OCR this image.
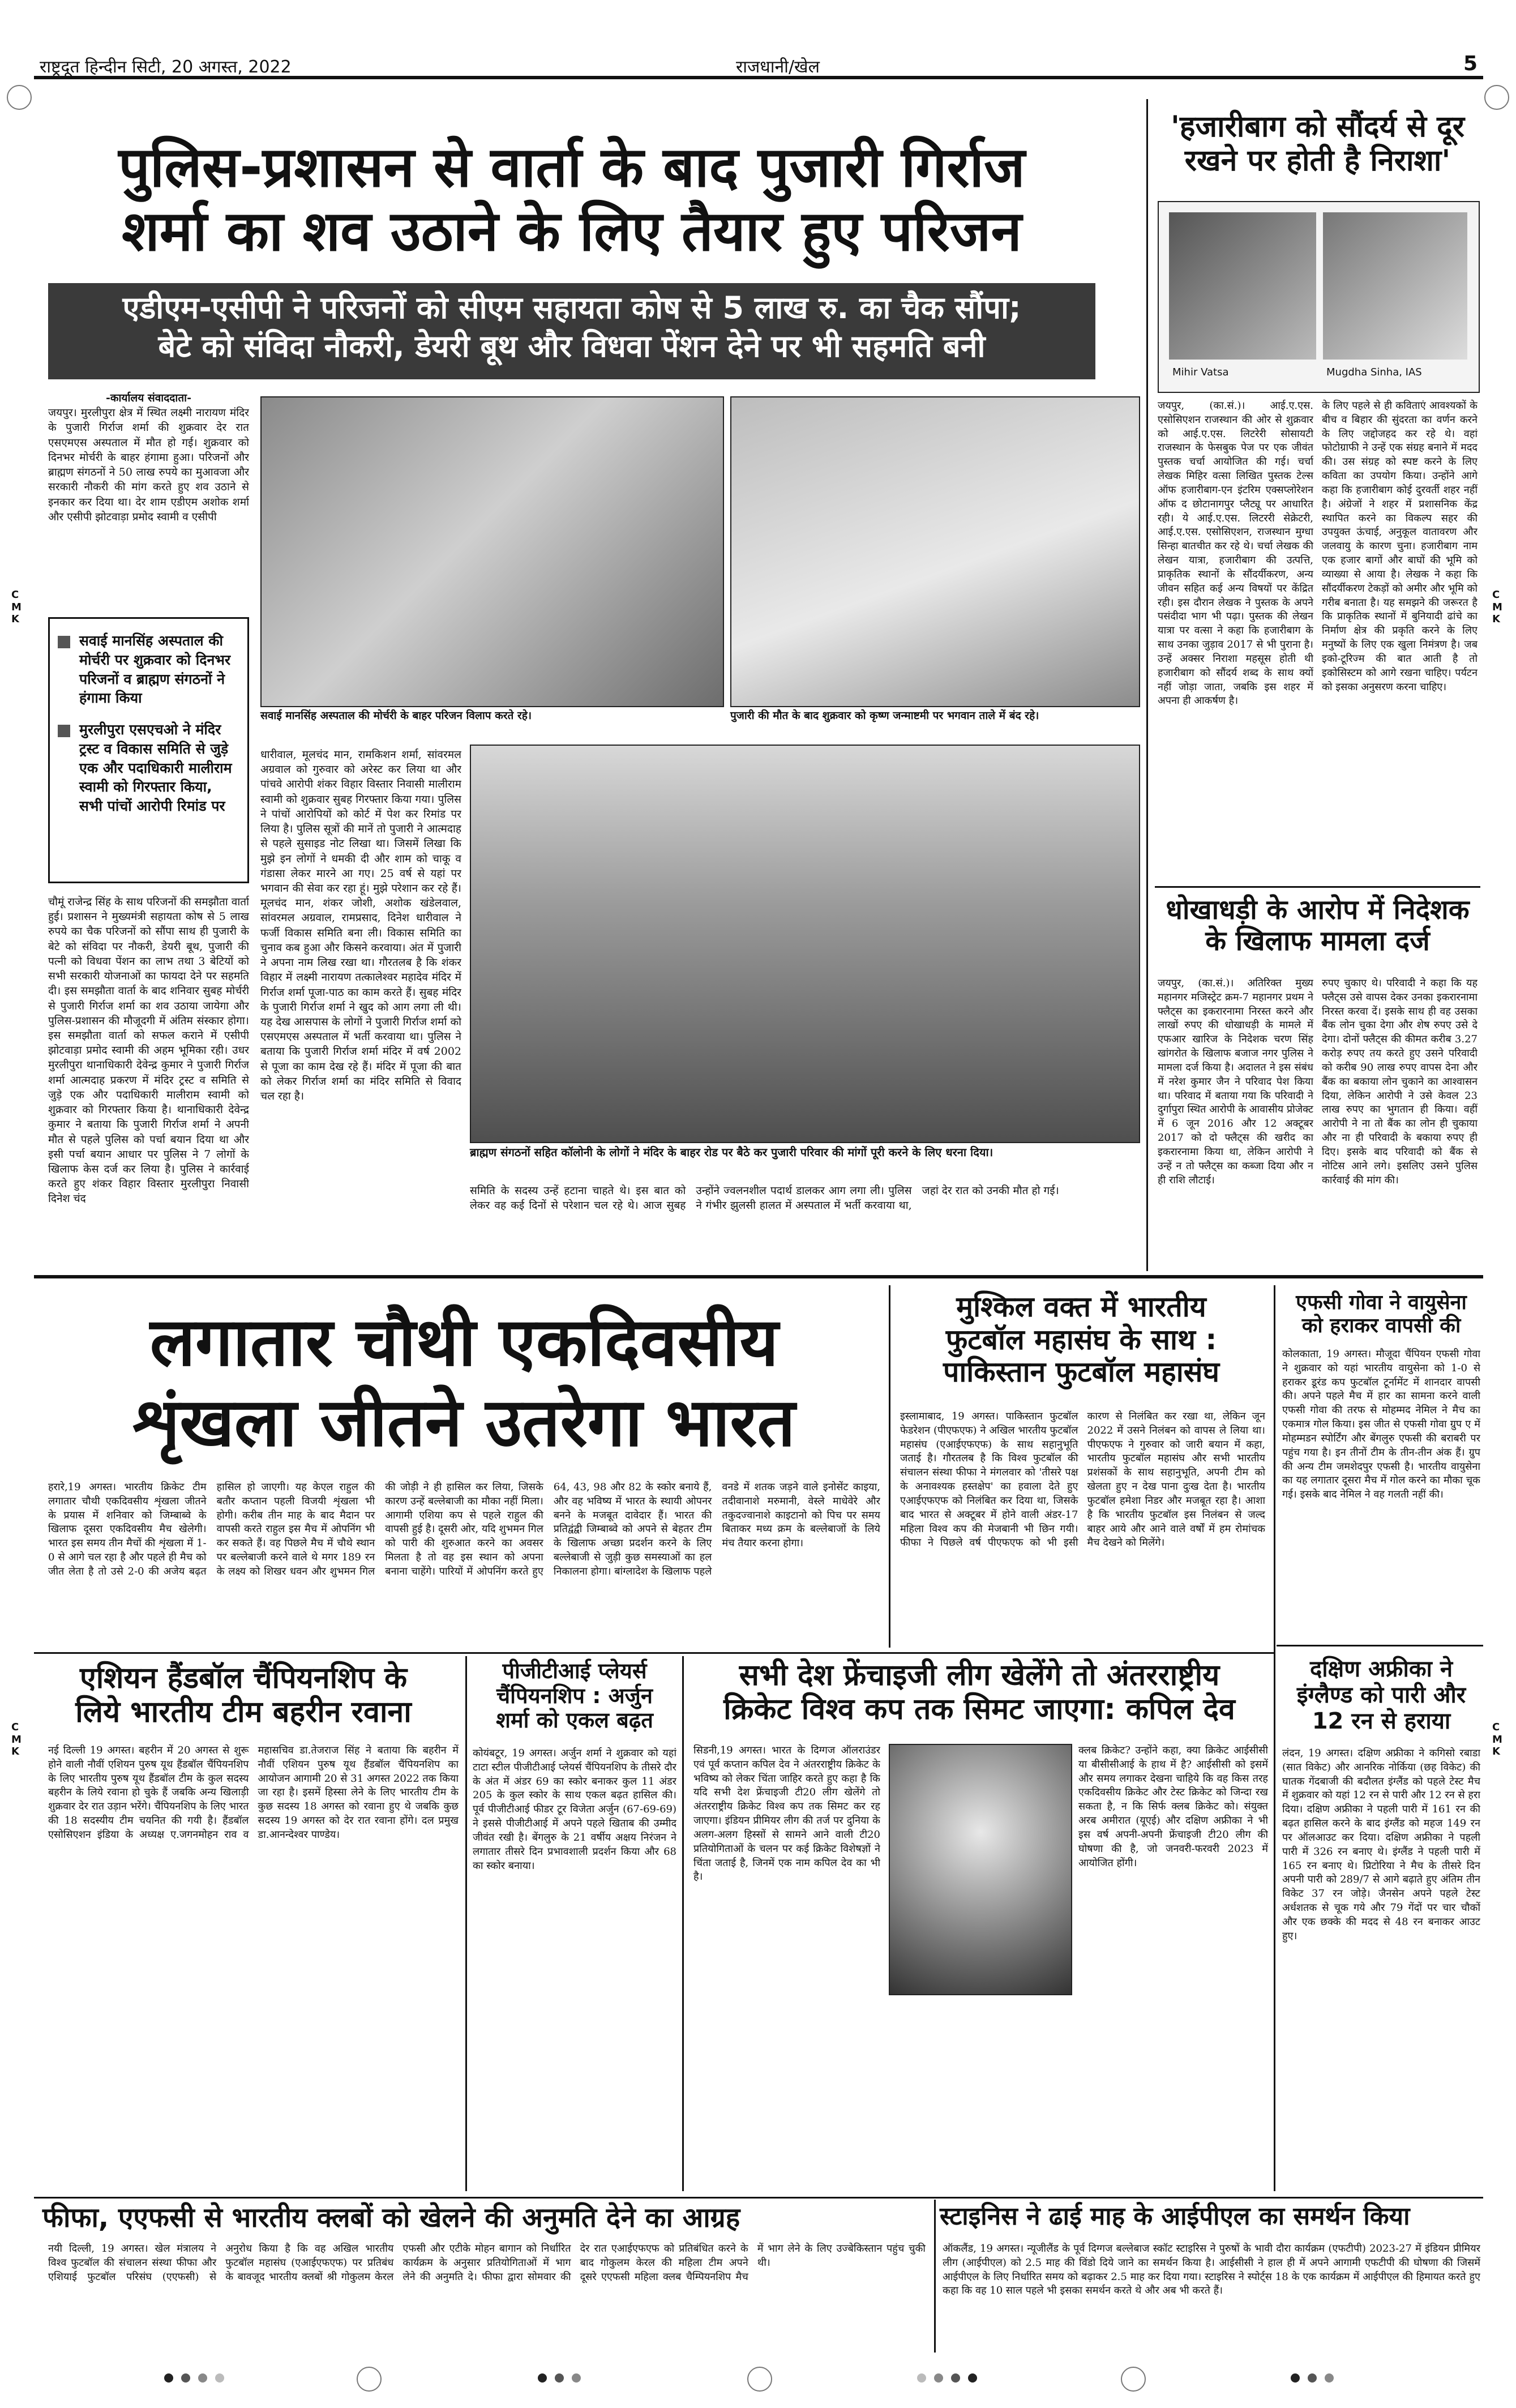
राष्ट्रदूत हिन्दीन सिटी, 20 अगस्त, 2022	राजधानी/खेल	5
C
M
K
C
M
K
C
M
K
C
M
K
पुलिस-प्रशासन से वार्ता के बाद पुजारी गिर्राज
शर्मा का शव उठाने के लिए तैयार हुए परिजन
एडीएम-एसीपी ने परिजनों को सीएम सहायता कोष से 5 लाख रु. का चैक सौंपा;
बेटे को संविदा नौकरी, डेयरी बूथ और विधवा पेंशन देने पर भी सहमति बनी
-कार्यालय संवाददाता-
जयपुर। मुरलीपुरा क्षेत्र में स्थित लक्ष्मी नारायण मंदिर के पुजारी गिर्राज शर्मा की शुक्रवार देर रात एसएमएस अस्पताल में मौत हो गई। शुक्रवार को दिनभर मोर्चरी के बाहर हंगामा हुआ। परिजनों और ब्राह्मण संगठनों ने 50 लाख रुपये का मुआवजा और सरकारी नौकरी की मांग करते हुए शव उठाने से इनकार कर दिया था। देर शाम एडीएम अशोक शर्मा और एसीपी झोटवाड़ा प्रमोद स्वामी व एसीपी
सवाई मानसिंह अस्पताल की मोर्चरी पर शुक्रवार को दिनभर परिजनों व ब्राह्मण संगठनों ने हंगामा किया
मुरलीपुरा एसएचओ ने मंदिर ट्रस्ट व विकास समिति से जुड़े एक और पदाधिकारी मालीराम स्वामी को गिरफ्तार किया, सभी पांचों आरोपी रिमांड पर
चौमूं राजेन्द्र सिंह के साथ परिजनों की समझौता वार्ता हुई। प्रशासन ने मुख्यमंत्री सहायता कोष से 5 लाख रुपये का चैक परिजनों को सौंपा साथ ही पुजारी के बेटे को संविदा पर नौकरी, डेयरी बूथ, पुजारी की पत्नी को विधवा पेंशन का लाभ तथा 3 बेटियों को सभी सरकारी योजनाओं का फायदा देने पर सहमति दी। इस समझौता वार्ता के बाद शनिवार सुबह मोर्चरी से पुजारी गिर्राज शर्मा का शव उठाया जायेगा और पुलिस-प्रशासन की मौजूदगी में अंतिम संस्कार होगा। इस समझौता वार्ता को सफल कराने में एसीपी झोटवाड़ा प्रमोद स्वामी की अहम भूमिका रही। उधर मुरलीपुरा थानाधिकारी देवेन्द्र कुमार ने पुजारी गिर्राज शर्मा आत्मदाह प्रकरण में मंदिर ट्रस्ट व समिति से जुड़े एक और पदाधिकारी मालीराम स्वामी को शुक्रवार को गिरफ्तार किया है। थानाधिकारी देवेन्द्र कुमार ने बताया कि पुजारी गिर्राज शर्मा ने अपनी मौत से पहले पुलिस को पर्चा बयान दिया था और इसी पर्चा बयान आधार पर पुलिस ने 7 लोगों के खिलाफ केस दर्ज कर लिया है। पुलिस ने कार्रवाई करते हुए शंकर विहार विस्तार मुरलीपुरा निवासी दिनेश चंद
सवाई मानसिंह अस्पताल की मोर्चरी के बाहर परिजन विलाप करते रहे।	पुजारी की मौत के बाद शुक्रवार को कृष्ण जन्माष्टमी पर भगवान ताले में बंद रहे।
धारीवाल, मूलचंद मान, रामकिशन शर्मा, सांवरमल अग्रवाल को गुरुवार को अरेस्ट कर लिया था और पांचवे आरोपी शंकर विहार विस्तार निवासी मालीराम स्वामी को शुक्रवार सुबह गिरफ्तार किया गया। पुलिस ने पांचों आरोपियों को कोर्ट में पेश कर रिमांड पर लिया है। पुलिस सूत्रों की मानें तो पुजारी ने आत्मदाह से पहले सुसाइड नोट लिखा था। जिसमें लिखा कि मुझे इन लोगों ने धमकी दी और शाम को चाकू व गंडासा लेकर मारने आ गए। 25 वर्ष से यहां पर भगवान की सेवा कर रहा हूं। मुझे परेशान कर रहे हैं। मूलचंद मान, शंकर जोशी, अशोक खंडेलवाल, सांवरमल अग्रवाल, रामप्रसाद, दिनेश धारीवाल ने फर्जी विकास समिति बना ली। विकास समिति का चुनाव कब हुआ और किसने करवाया। अंत में पुजारी ने अपना नाम लिख रखा था। गौरतलब है कि शंकर विहार में लक्ष्मी नारायण तत्कालेश्वर महादेव मंदिर में गिर्राज शर्मा पूजा-पाठ का काम करते हैं। सुबह मंदिर के पुजारी गिर्राज शर्मा ने खुद को आग लगा ली थी। यह देख आसपास के लोगों ने पुजारी गिर्राज शर्मा को एसएमएस अस्पताल में भर्ती करवाया था। पुलिस ने बताया कि पुजारी गिर्राज शर्मा मंदिर में वर्ष 2002 से पूजा का काम देख रहे हैं। मंदिर में पूजा की बात को लेकर गिर्राज शर्मा का मंदिर समिति से विवाद चल रहा है।
ब्राह्मण संगठनों सहित कॉलोनी के लोगों ने मंदिर के बाहर रोड पर बैठे कर पुजारी परिवार की मांगों पूरी करने के लिए धरना दिया।
समिति के सदस्य उन्हें हटाना चाहते थे। इस बात को लेकर वह कई दिनों से परेशान चल रहे थे। आज सुबह उन्होंने ज्वलनशील पदार्थ डालकर आग लगा ली। पुलिस ने गंभीर झुलसी हालत में अस्पताल में भर्ती करवाया था, जहां देर रात को उनकी मौत हो गई।
'हजारीबाग को सौंदर्य से दूर
रखने पर होती है निराशा'
Mihir Vatsa	Mugdha Sinha, IAS
जयपुर, (का.सं.)। आई.ए.एस. एसोसिएशन राजस्थान की ओर से शुक्रवार को आई.ए.एस. लिटरेरी सोसायटी राजस्थान के फेसबुक पेज पर एक जीवंत पुस्तक चर्चा आयोजित की गई। चर्चा लेखक मिहिर वत्सा लिखित पुस्तक टेल्स ऑफ हजारीबाग-एन इंटरिम एक्सप्लोरेशन ऑफ द छोटानागपुर प्लैट्यू पर आधारित रही। ये आई.ए.एस. लिटररी सेक्रेटरी, आई.ए.एस. एसोसिएशन, राजस्थान मुग्धा सिन्हा बातचीत कर रहे थे। चर्चा लेखक की लेखन यात्रा, हजारीबाग की उत्पत्ति, प्राकृतिक स्थानों के सौंदर्यीकरण, अन्य जीवन सहित कई अन्य विषयों पर केंद्रित रही। इस दौरान लेखक ने पुस्तक के अपने पसंदीदा भाग भी पढ़ा। पुस्तक की लेखन यात्रा पर वत्सा ने कहा कि हजारीबाग के साथ उनका जुड़ाव 2017 से भी पुराना है। उन्हें अक्सर निराशा महसूस होती थी हजारीबाग को सौंदर्य शब्द के साथ क्यों नहीं जोड़ा जाता, जबकि इस शहर में अपना ही आकर्षण है।
के लिए पहले से ही कविताएं आवश्यकों के बीच व बिहार की सुंदरता का वर्णन करने के लिए जद्दोजहद कर रहे थे। वहां फोटोग्राफी ने उन्हें एक संग्रह बनाने में मदद की। उस संग्रह को स्पष्ट करने के लिए कविता का उपयोग किया। उन्होंने आगे कहा कि हजारीबाग कोई दुरवर्ती शहर नहीं है। अंग्रेजों ने शहर में प्रशासनिक केंद्र स्थापित करने का विकल्प सहर की उपयुक्त ऊंचाई, अनुकूल वातावरण और जलवायु के कारण चुना। हजारीबाग नाम एक हजार बागों और बाघों की भूमि को व्याख्या से आया है। लेखक ने कहा कि सौंदर्यीकरण टेकड़ों को अमीर और भूमि को गरीब बनाता है। यह समझने की जरूरत है कि प्राकृतिक स्थानों में बुनियादी ढांचे का निर्माण क्षेत्र की प्रकृति करने के लिए मनुष्यों के लिए एक खुला निमंत्रण है। जब इको-टूरिज्म की बात आती है तो इकोसिस्टम को आगे रखना चाहिए। पर्यटन को इसका अनुसरण करना चाहिए।
धोखाधड़ी के आरोप में निदेशक
के खिलाफ मामला दर्ज
जयपुर, (का.सं.)। अतिरिक्त मुख्य महानगर मजिस्ट्रेट क्रम-7 महानगर प्रथम ने फ्लैट्स का इकरारनामा निरस्त करने और लाखों रुपए की धोखाधड़ी के मामले में एफआर खारिज के निदेशक चरण सिंह खांगरोत के खिलाफ बजाज नगर पुलिस ने मामला दर्ज किया है। अदालत ने इस संबंध में नरेश कुमार जैन ने परिवाद पेश किया था। परिवाद में बताया गया कि परिवादी ने दुर्गापुरा स्थित आरोपी के आवासीय प्रोजेक्ट में 6 जून 2016 और 12 अक्टूबर 2017 को दो फ्लैट्स की खरीद का इकरारनामा किया था, लेकिन आरोपी ने उन्हें न तो फ्लैट्स का कब्जा दिया और न ही राशि लौटाई।
रुपए चुकाए थे। परिवादी ने कहा कि यह फ्लैट्स उसे वापस देकर उनका इकरारनामा निरस्त करवा दें। इसके साथ ही वह उसका बैंक लोन चुका देगा और शेष रुपए उसे दे देगा। दोनों फ्लैट्स की कीमत करीब 3.27 करोड़ रुपए तय करते हुए उसने परिवादी को करीब 90 लाख रुपए वापस देना और बैंक का बकाया लोन चुकाने का आश्वासन दिया, लेकिन आरोपी ने उसे केवल 23 लाख रुपए का भुगतान ही किया। वहीं आरोपी ने ना तो बैंक का लोन ही चुकाया और ना ही परिवादी के बकाया रुपए ही दिए। इसके बाद परिवादी को बैंक से नोटिस आने लगे। इसलिए उसने पुलिस कार्रवाई की मांग की।
लगातार चौथी एकदिवसीय
शृंखला जीतने उतरेगा भारत
हरारे,19 अगस्त। भारतीय क्रिकेट टीम लगातार चौथी एकदिवसीय शृंखला जीतने के प्रयास में शनिवार को जिम्बाब्वे के खिलाफ दूसरा एकदिवसीय मैच खेलेगी। भारत इस समय तीन मैचों की शृंखला में 1-0 से आगे चल रहा है और पहले ही मैच को जीत लेता है तो उसे 2-0 की अजेय बढ़त हासिल हो जाएगी। यह केएल राहुल की बतौर कप्तान पहली विजयी शृंखला भी होगी। करीब तीन माह के बाद मैदान पर वापसी करते राहुल इस मैच में ओपनिंग भी कर सकते हैं। वह पिछले मैच में चौथे स्थान पर बल्लेबाजी करने वाले थे मगर 189 रन के लक्ष्य को शिखर धवन और शुभमन गिल की जोड़ी ने ही हासिल कर लिया, जिसके कारण उन्हें बल्लेबाजी का मौका नहीं मिला। आगामी एशिया कप से पहले राहुल की वापसी हुई है। दूसरी ओर, यदि शुभमन गिल को पारी की शुरुआत करने का अवसर मिलता है तो वह इस स्थान को अपना बनाना चाहेंगे। पारियों में ओपनिंग करते हुए 64, 43, 98 और 82 के स्कोर बनाये हैं, और वह भविष्य में भारत के स्थायी ओपनर बनने के मजबूत दावेदार हैं। भारत की प्रतिद्वंद्वी जिम्बाब्वे को अपने से बेहतर टीम के खिलाफ अच्छा प्रदर्शन करने के लिए बल्लेबाजी से जुड़ी कुछ समस्याओं का हल निकालना होगा। बांग्लादेश के खिलाफ पहले वनडे में शतक जड़ने वाले इनोसेंट काइया, तदीवानाशे मरुमानी, वेस्ले माधेवेरे और तकुदज्वानाशे काइटानो को पिच पर समय बिताकर मध्य क्रम के बल्लेबाजों के लिये मंच तैयार करना होगा।
मुश्किल वक्त में भारतीय
फुटबॉल महासंघ के साथ :
पाकिस्तान फुटबॉल महासंघ
इस्लामाबाद, 19 अगस्त। पाकिस्तान फुटबॉल फेडरेशन (पीएफएफ) ने अखिल भारतीय फुटबॉल महासंघ (एआईएफएफ) के साथ सहानुभूति जताई है। गौरतलब है कि विश्व फुटबॉल की संचालन संस्था फीफा ने मंगलवार को 'तीसरे पक्ष के अनावश्यक हस्तक्षेप' का हवाला देते हुए एआईएफएफ को निलंबित कर दिया था, जिसके बाद भारत से अक्टूबर में होने वाली अंडर-17 महिला विश्व कप की मेजबानी भी छिन गयी। फीफा ने पिछले वर्ष पीएफएफ को भी इसी कारण से निलंबित कर रखा था, लेकिन जून 2022 में उसने निलंबन को वापस ले लिया था। पीएफएफ ने गुरुवार को जारी बयान में कहा, भारतीय फुटबॉल महासंघ और सभी भारतीय प्रशंसकों के साथ सहानुभूति, अपनी टीम को खेलता हुए न देख पाना दुःख देता है। भारतीय फुटबॉल हमेशा निडर और मजबूत रहा है। आशा है कि भारतीय फुटबॉल इस निलंबन से जल्द बाहर आये और आने वाले वर्षों में हम रोमांचक मैच देखने को मिलेंगे।
एफसी गोवा ने वायुसेना
को हराकर वापसी की
कोलकाता, 19 अगस्त। मौजूदा चैंपियन एफसी गोवा ने शुक्रवार को यहां भारतीय वायुसेना को 1-0 से हराकर डूरंड कप फुटबॉल टूर्नामेंट में शानदार वापसी की। अपने पहले मैच में हार का सामना करने वाली एफसी गोवा की तरफ से मोहम्मद नेमिल ने मैच का एकमात्र गोल किया। इस जीत से एफसी गोवा ग्रुप ए में मोहम्मडन स्पोर्टिंग और बेंगलुरु एफसी की बराबरी पर पहुंच गया है। इन तीनों टीम के तीन-तीन अंक हैं। ग्रुप की अन्य टीम जमशेदपुर एफसी है। भारतीय वायुसेना का यह लगातार दूसरा मैच में गोल करने का मौका चूक गई। इसके बाद नेमिल ने वह गलती नहीं की।
दक्षिण अफ्रीका ने
इंग्लैण्ड को पारी और
12 रन से हराया
लंदन, 19 अगस्त। दक्षिण अफ्रीका ने कगिसो रबाडा (सात विकेट) और आनरिक नोर्किया (छह विकेट) की घातक गेंदबाजी की बदौलत इंग्लैंड को पहले टेस्ट मैच में शुक्रवार को यहां 12 रन से पारी और 12 रन से हरा दिया। दक्षिण अफ्रीका ने पहली पारी में 161 रन की बढ़त हासिल करने के बाद इंग्लैंड को महज 149 रन पर ऑलआउट कर दिया। दक्षिण अफ्रीका ने पहली पारी में 326 रन बनाए थे। इंग्लैंड ने पहली पारी में 165 रन बनाए थे। प्रिटोरिया ने मैच के तीसरे दिन अपनी पारी को 289/7 से आगे बढ़ाते हुए अंतिम तीन विकेट 37 रन जोड़े। जैनसेन अपने पहले टेस्ट अर्धशतक से चूक गये और 79 गेंदों पर चार चौकों और एक छक्के की मदद से 48 रन बनाकर आउट हुए।
एशियन हैंडबॉल चैंपियनशिप के
लिये भारतीय टीम बहरीन रवाना
नई दिल्ली 19 अगस्त। बहरीन में 20 अगस्त से शुरू होने वाली नौवीं एशियन पुरुष यूथ हैंडबॉल चैंपियनशिप के लिए भारतीय पुरुष यूथ हैंडबॉल टीम के कुल सदस्य बहरीन के लिये रवाना हो चुके हैं जबकि अन्य खिलाड़ी शुक्रवार देर रात उड़ान भरेंगे। चैंपियनशिप के लिए भारत की 18 सदस्यीय टीम चयनित की गयी है। हैंडबॉल एसोसिएशन इंडिया के अध्यक्ष ए.जगनमोहन राव व महासचिव डा.तेजराज सिंह ने बताया कि बहरीन में नौवीं एशियन पुरुष यूथ हैंडबॉल चैंपियनशिप का आयोजन आगामी 20 से 31 अगस्त 2022 तक किया जा रहा है। इसमें हिस्सा लेने के लिए भारतीय टीम के कुछ सदस्य 18 अगस्त को रवाना हुए थे जबकि कुछ सदस्य 19 अगस्त को देर रात रवाना होंगे। दल प्रमुख डा.आनन्देश्वर पाण्डेय।
पीजीटीआई प्लेयर्स
चैंपियनशिप : अर्जुन
शर्मा को एकल बढ़त
कोयंबटूर, 19 अगस्त। अर्जुन शर्मा ने शुक्रवार को यहां टाटा स्टील पीजीटीआई प्लेयर्स चैंपियनशिप के तीसरे दौर के अंत में अंडर 69 का स्कोर बनाकर कुल 11 अंडर 205 के कुल स्कोर के साथ एकल बढ़त हासिल की। पूर्व पीजीटीआई फीडर टूर विजेता अर्जुन (67-69-69) ने इससे पीजीटीआई में अपने पहले खिताब की उम्मीद जीवंत रखी है। बेंगलुरु के 21 वर्षीय अक्षय निरंजन ने लगातार तीसरे दिन प्रभावशाली प्रदर्शन किया और 68 का स्कोर बनाया।
सभी देश फ्रेंचाइजी लीग खेलेंगे तो अंतरराष्ट्रीय
क्रिकेट विश्व कप तक सिमट जाएगा: कपिल देव
सिडनी,19 अगस्त। भारत के दिग्गज ऑलराउंडर एवं पूर्व कप्तान कपिल देव ने अंतरराष्ट्रीय क्रिकेट के भविष्य को लेकर चिंता जाहिर करते हुए कहा है कि यदि सभी देश फ्रेंचाइजी टी20 लीग खेलेंगे तो अंतरराष्ट्रीय क्रिकेट विश्व कप तक सिमट कर रह जाएगा। इंडियन प्रीमियर लीग की तर्ज पर दुनिया के अलग-अलग हिस्सों से सामने आने वाली टी20 प्रतियोगिताओं के चलन पर कई क्रिकेट विशेषज्ञों ने चिंता जताई है, जिनमें एक नाम कपिल देव का भी है।
क्लब क्रिकेट? उन्होंने कहा, क्या क्रिकेट आईसीसी या बीसीसीआई के हाथ में है? आईसीसी को इसमें और समय लगाकर देखना चाहिये कि वह किस तरह एकदिवसीय क्रिकेट और टेस्ट क्रिकेट को जिन्दा रख सकता है, न कि सिर्फ क्लब क्रिकेट को। संयुक्त अरब अमीरात (यूएई) और दक्षिण अफ्रीका ने भी इस वर्ष अपनी-अपनी फ्रेंचाइजी टी20 लीग की घोषणा की है, जो जनवरी-फरवरी 2023 में आयोजित होंगी।
फीफा, एएफसी से भारतीय क्लबों को खेलने की अनुमति देने का आग्रह
नयी दिल्ली, 19 अगस्त। खेल मंत्रालय ने विश्व फुटबॉल की संचालन संस्था फीफा और एशियाई फुटबॉल परिसंघ (एएफसी) से अनुरोध किया है कि वह अखिल भारतीय फुटबॉल महासंघ (एआईएफएफ) पर प्रतिबंध के बावजूद भारतीय क्लबों श्री गोकुलम केरल एफसी और एटीके मोहन बागान को निर्धारित कार्यक्रम के अनुसार प्रतियोगिताओं में भाग लेने की अनुमति दे। फीफा द्वारा सोमवार की देर रात एआईएफएफ को प्रतिबंधित करने के बाद गोकुलम केरल की महिला टीम अपने दूसरे एएफसी महिला क्लब चैम्पियनशिप मैच में भाग लेने के लिए उज्बेकिस्तान पहुंच चुकी थी।
स्टाइनिस ने ढाई माह के आईपीएल का समर्थन किया
ऑकलैंड, 19 अगस्त। न्यूजीलैंड के पूर्व दिग्गज बल्लेबाज स्कॉट स्टाइरिस ने पुरुषों के भावी दौरा कार्यक्रम (एफटीपी) 2023-27 में इंडियन प्रीमियर लीग (आईपीएल) को 2.5 माह की विंडो दिये जाने का समर्थन किया है। आईसीसी ने हाल ही में अपने आगामी एफटीपी की घोषणा की जिसमें आईपीएल के लिए निर्धारित समय को बढ़ाकर 2.5 माह कर दिया गया। स्टाइरिस ने स्पोर्ट्स 18 के एक कार्यक्रम में आईपीएल की हिमायत करते हुए कहा कि वह 10 साल पहले भी इसका समर्थन करते थे और अब भी करते हैं।
